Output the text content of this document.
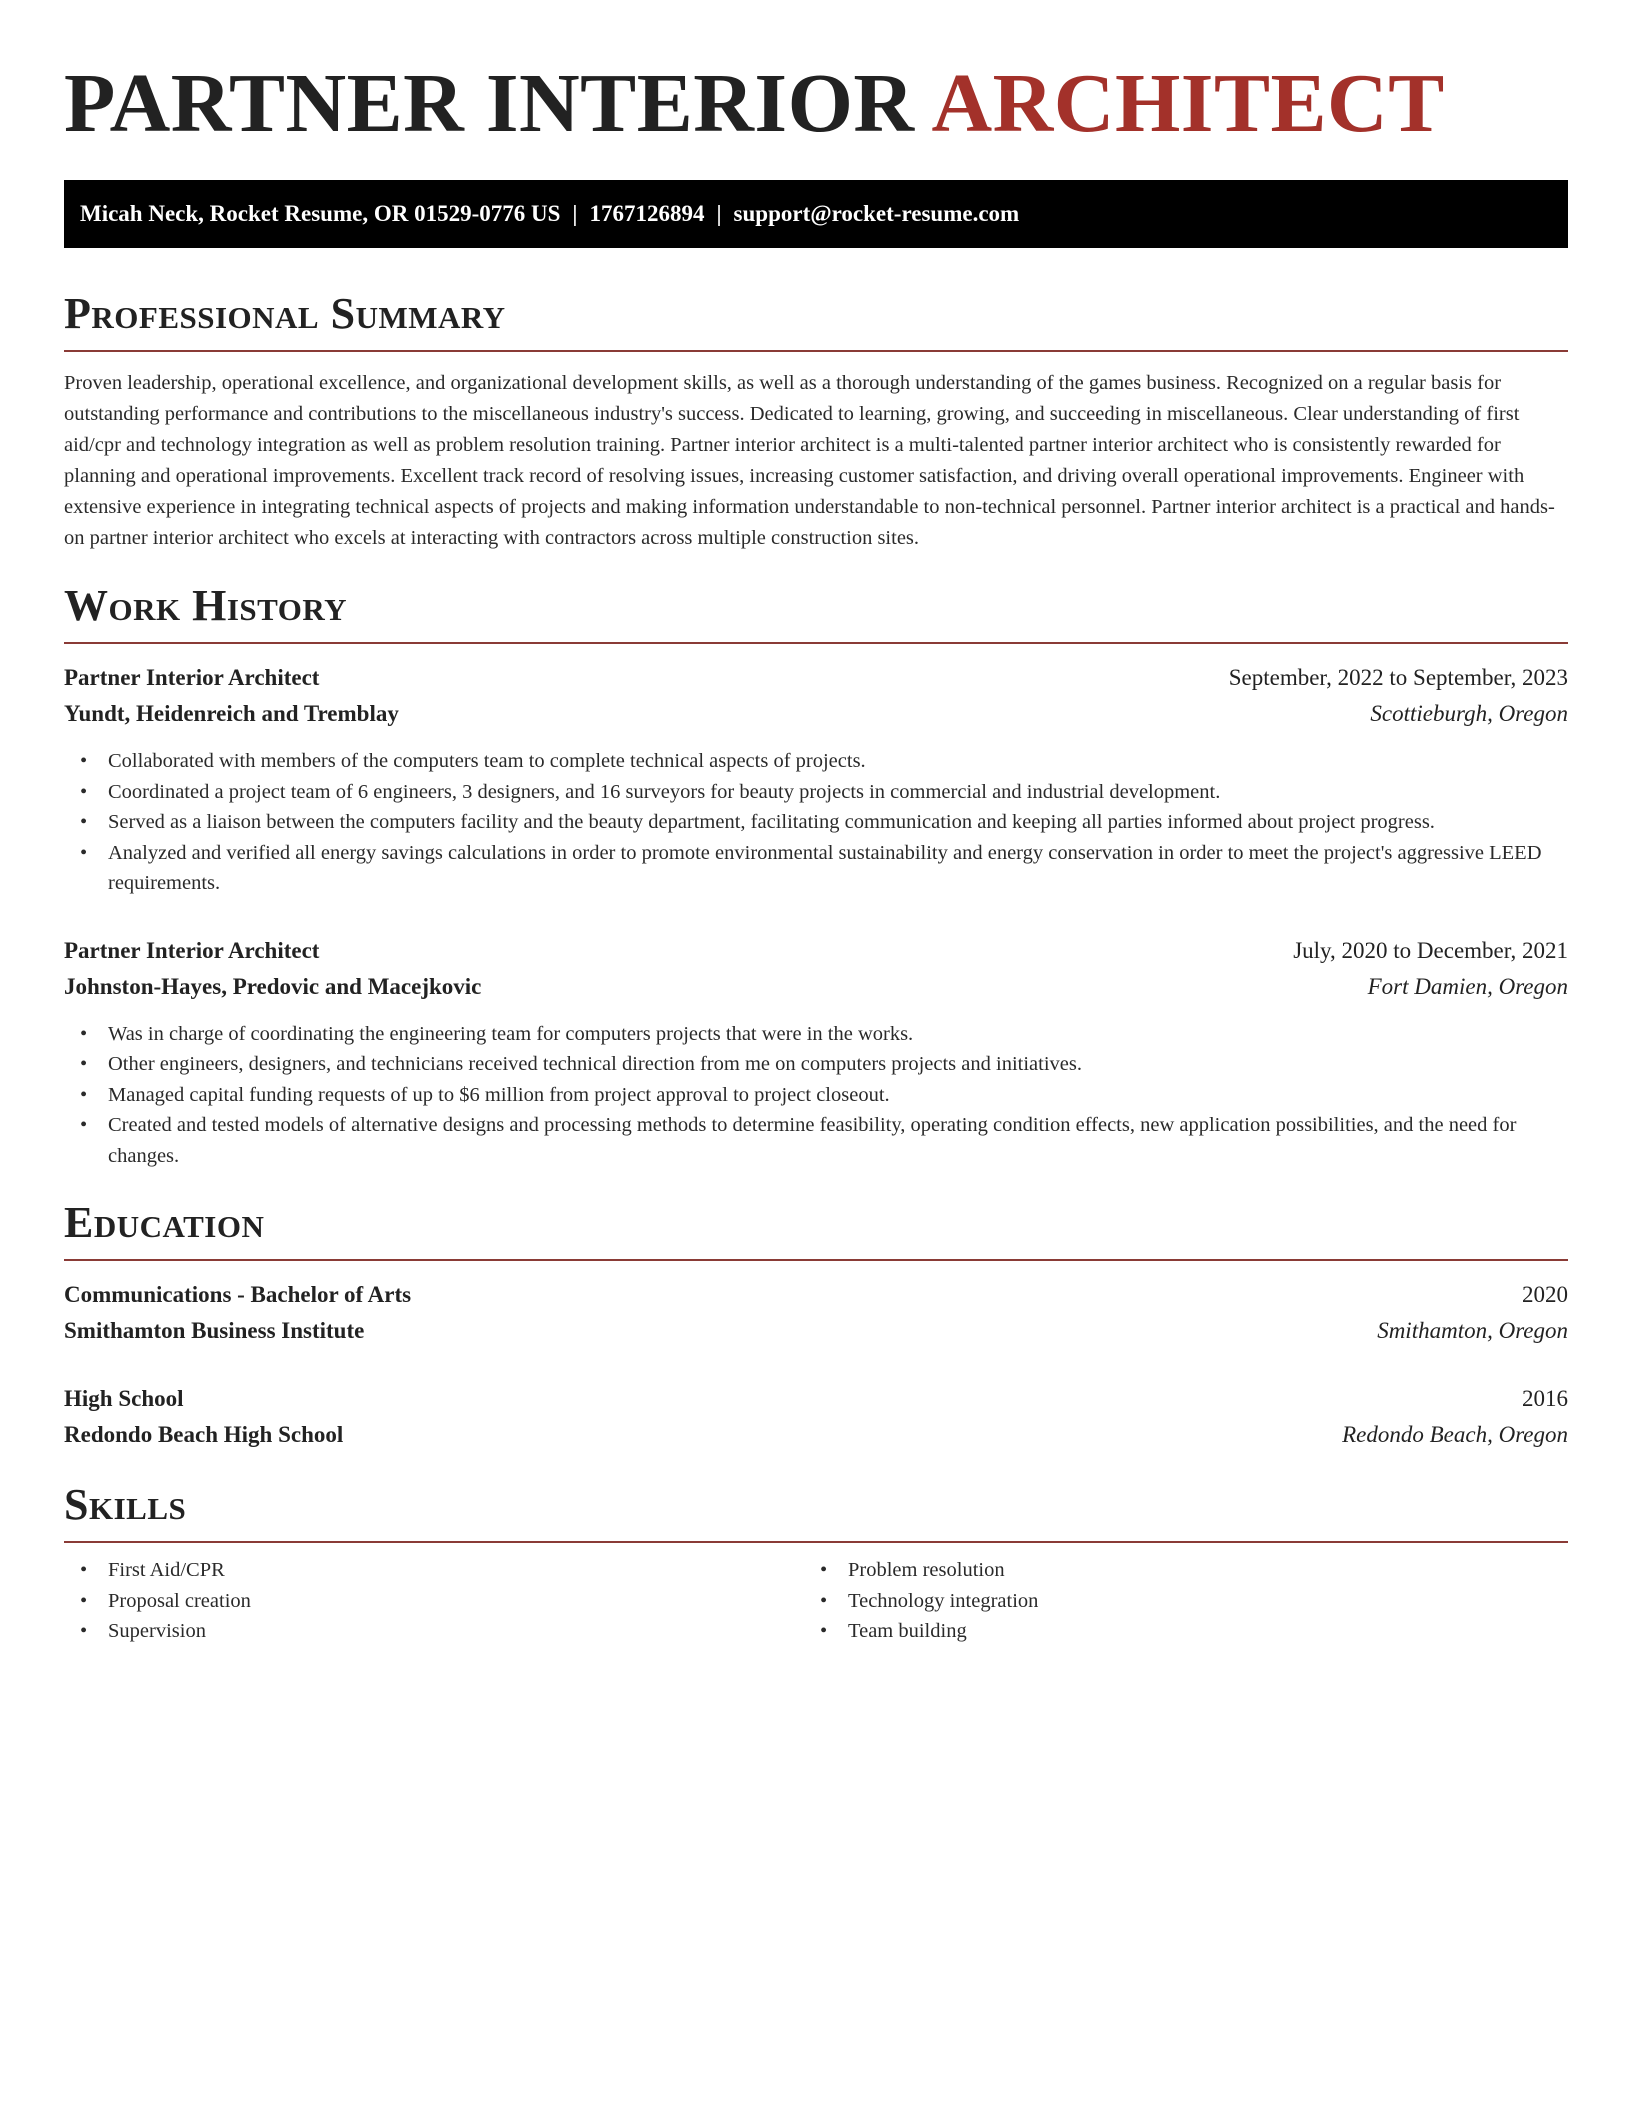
PARTNER INTERIOR ARCHITECT
Micah Neck, Rocket Resume, OR 01529-0776 US | 1767126894 | support@rocket-resume.com
Professional Summary

Proven leadership, operational excellence, and organizational development skills, as well as a thorough understanding of the games business. Recognized on a regular basis for outstanding performance and contributions to the miscellaneous industry's success. Dedicated to learning, growing, and succeeding in miscellaneous. Clear understanding of first aid/cpr and technology integration as well as problem resolution training. Partner interior architect is a multi-talented partner interior architect who is consistently rewarded for planning and operational improvements. Excellent track record of resolving issues, increasing customer satisfaction, and driving overall operational improvements. Engineer with extensive experience in integrating technical aspects of projects and making information understandable to non-technical personnel. Partner interior architect is a practical and hands-on partner interior architect who excels at interacting with contractors across multiple construction sites.

Work History
Partner Interior Architect	September, 2022 to September, 2023
Yundt, Heidenreich and Tremblay	Scottieburgh, Oregon
• Collaborated with members of the computers team to complete technical aspects of projects.
• Coordinated a project team of 6 engineers, 3 designers, and 16 surveyors for beauty projects in commercial and industrial development.
• Served as a liaison between the computers facility and the beauty department, facilitating communication and keeping all parties informed about project progress.
• Analyzed and verified all energy savings calculations in order to promote environmental sustainability and energy conservation in order to meet the project's aggressive LEED requirements.
Partner Interior Architect	July, 2020 to December, 2021
Johnston-Hayes, Predovic and Macejkovic	Fort Damien, Oregon
• Was in charge of coordinating the engineering team for computers projects that were in the works.
• Other engineers, designers, and technicians received technical direction from me on computers projects and initiatives.
• Managed capital funding requests of up to $6 million from project approval to project closeout.
• Created and tested models of alternative designs and processing methods to determine feasibility, operating condition effects, new application possibilities, and the need for changes.
Education
Communications - Bachelor of Arts	2020
Smithamton Business Institute	Smithamton, Oregon
High School	2016
Redondo Beach High School	Redondo Beach, Oregon
Skills
• First Aid/CPR
• Proposal creation
• Supervision
• Problem resolution
• Technology integration
• Team building
